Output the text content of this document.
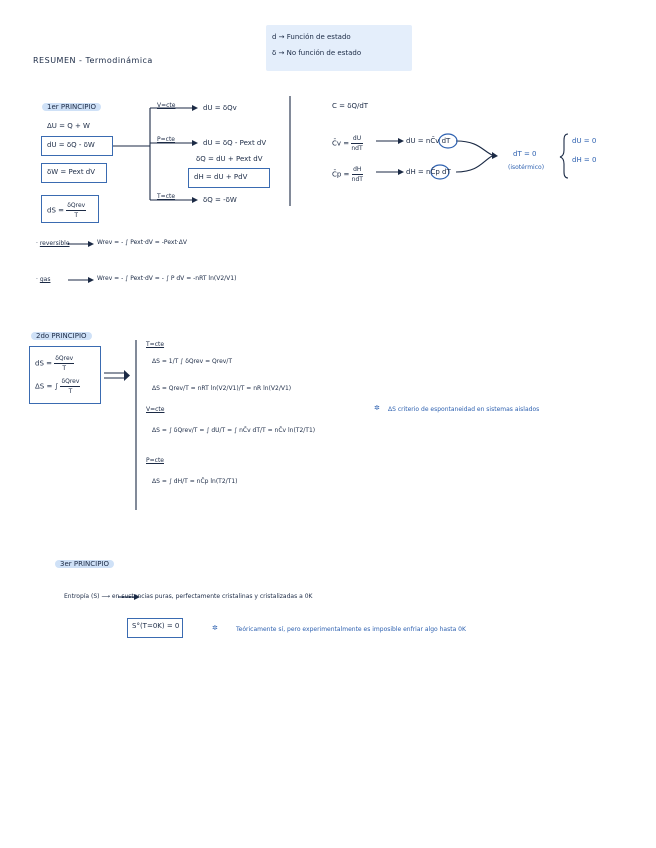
d → Función de estado
δ → No función de estado
RESUMEN - Termodinámica
1er PRINCIPIO
ΔU = Q + W
dU = δQ - δW
δW = Pext dV
dS = $\frac{\text{δQrev}}{T}$
V=cte
P=cte
T=cte
dU = δQv
dU = δQ - Pext dV
δQ = dU + Pext dV
dH = dU + PdV
δQ = -δW
· reversible	Wrev = - ∫ Pext·dV = -Pext·ΔV
· gas	Wrev = - ∫ Pext·dV = - ∫ P dV = -nRT ln(V2/V1)
C = δQ/dT
C̄v = $\frac{dU}{\text{ndT}}$	dU = nC̄v dT
C̄p = $\frac{dH}{\text{ndT}}$	dH = nC̄p dT
dT = 0
(isotérmico)
dU = 0
dH = 0
2do PRINCIPIO
dS = $\frac{\text{δQrev}}{T}$
ΔS = ∫ $\frac{\text{δQrev}}{T}$
T=cte
ΔS = 1/T ∫ δQrev = Qrev/T
ΔS = Qrev/T = nRT ln(V2/V1)/T = nR ln(V2/V1)
V=cte
ΔS = ∫ δQrev/T = ∫ dU/T = ∫ nC̄v dT/T = nC̄v ln(T2/T1)
P=cte
ΔS = ∫ dH/T = nC̄p ln(T2/T1)
✲ ΔS criterio de espontaneidad en sistemas aislados
3er PRINCIPIO
Entropía (S) ⟶ en sustancias puras, perfectamente cristalinas y cristalizadas a 0K
S°(T=0K) = 0	✲	Teóricamente sí, pero experimentalmente es imposible enfriar algo hasta 0K
